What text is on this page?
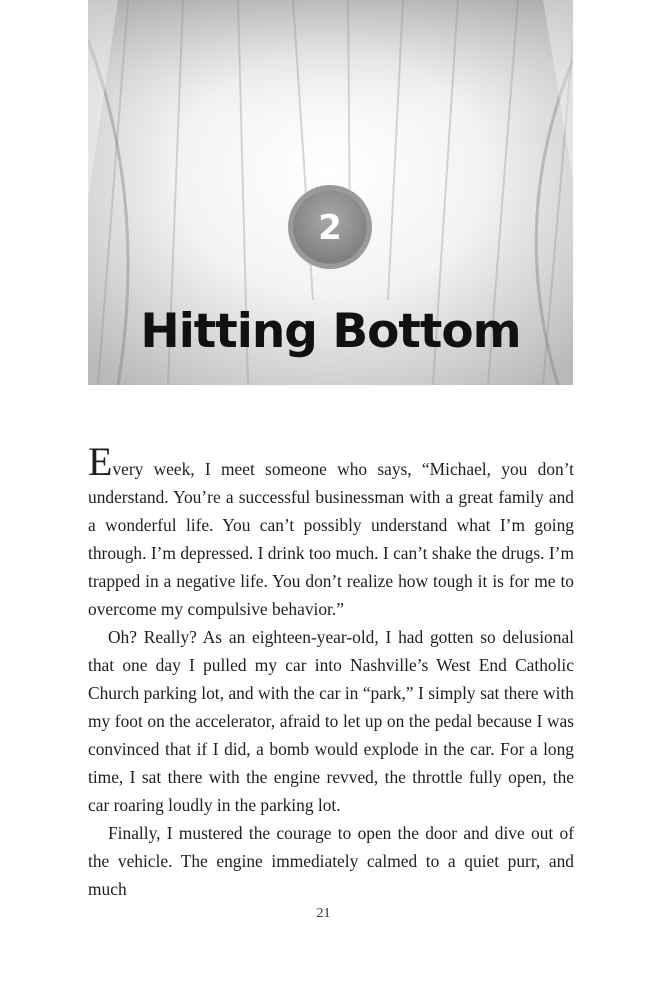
2
Hitting Bottom

Every week, I meet someone who says, “Michael, you don’t understand. You’re a successful businessman with a great family and a wonderful life. You can’t possibly understand what I’m going through. I’m depressed. I drink too much. I can’t shake the drugs. I’m trapped in a negative life. You don’t realize how tough it is for me to overcome my compulsive behavior.”

Oh? Really? As an eighteen-year-old, I had gotten so delusional that one day I pulled my car into Nashville’s West End Catholic Church parking lot, and with the car in “park,” I simply sat there with my foot on the accelerator, afraid to let up on the pedal because I was convinced that if I did, a bomb would explode in the car. For a long time, I sat there with the engine revved, the throttle fully open, the car roaring loudly in the parking lot.

Finally, I mustered the courage to open the door and dive out of the vehicle. The engine immediately calmed to a quiet purr, and much

21
